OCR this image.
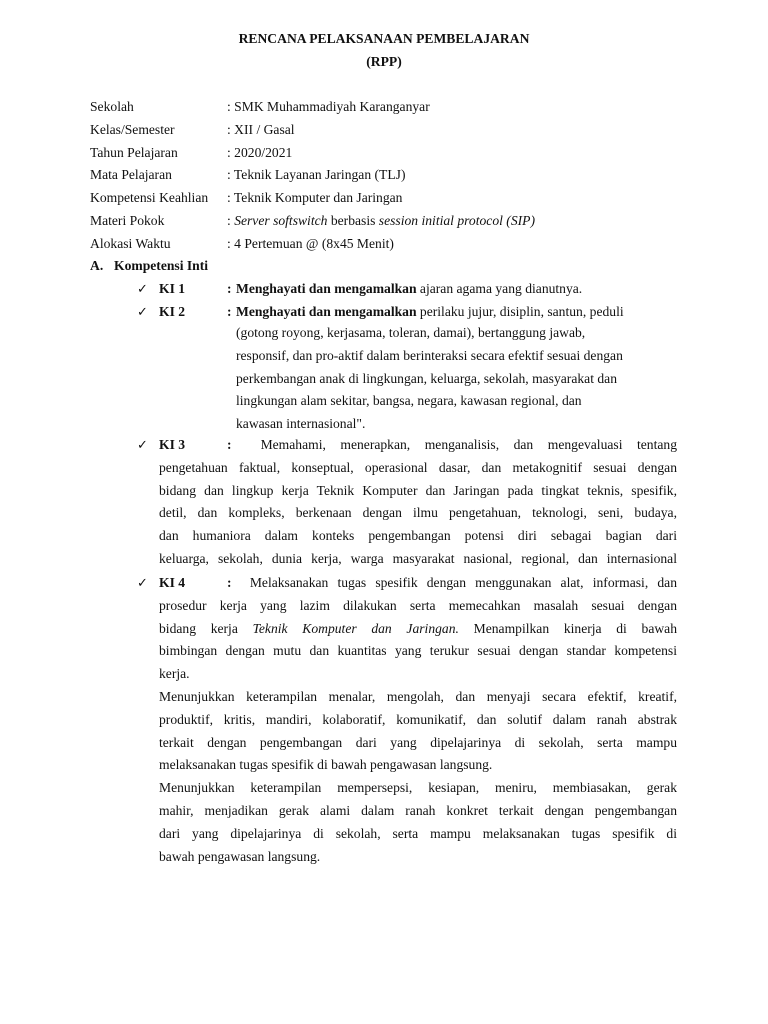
RENCANA PELAKSANAAN PEMBELAJARAN
(RPP)
Sekolah	: SMK Muhammadiyah Karanganyar
Kelas/Semester	: XII / Gasal
Tahun Pelajaran	: 2020/2021
Mata Pelajaran	: Teknik Layanan Jaringan (TLJ)
Kompetensi Keahlian : Teknik Komputer dan Jaringan
Materi Pokok	: Server softswitch berbasis session initial protocol (SIP)
Alokasi Waktu	: 4 Pertemuan @ (8x45 Menit)
A. Kompetensi Inti
✓ KI 1	: Menghayati dan mengamalkan ajaran agama yang dianutnya.
✓ KI 2	: Menghayati dan mengamalkan perilaku jujur, disiplin, santun, peduli
(gotong royong, kerjasama, toleran, damai), bertanggung jawab,
responsif, dan pro-aktif dalam berinteraksi secara efektif sesuai dengan
perkembangan anak di lingkungan, keluarga, sekolah, masyarakat dan
lingkungan alam sekitar, bangsa, negara, kawasan regional, dan
kawasan internasional".
✓ KI 3	: Memahami, menerapkan, menganalisis, dan mengevaluasi tentang
pengetahuan faktual, konseptual, operasional dasar, dan metakognitif sesuai dengan
bidang dan lingkup kerja Teknik Komputer dan Jaringan pada tingkat teknis, spesifik,
detil, dan kompleks, berkenaan dengan ilmu pengetahuan, teknologi, seni, budaya,
dan humaniora dalam konteks pengembangan potensi diri sebagai bagian dari
keluarga, sekolah, dunia kerja, warga masyarakat nasional, regional, dan internasional
✓ KI 4	: Melaksanakan tugas spesifik dengan menggunakan alat, informasi, dan
prosedur kerja yang lazim dilakukan serta memecahkan masalah sesuai dengan
bidang kerja Teknik Komputer dan Jaringan. Menampilkan kinerja di bawah
bimbingan dengan mutu dan kuantitas yang terukur sesuai dengan standar kompetensi
kerja.
Menunjukkan keterampilan menalar, mengolah, dan menyaji secara efektif, kreatif,
produktif, kritis, mandiri, kolaboratif, komunikatif, dan solutif dalam ranah abstrak
terkait dengan pengembangan dari yang dipelajarinya di sekolah, serta mampu
melaksanakan tugas spesifik di bawah pengawasan langsung.
Menunjukkan keterampilan mempersepsi, kesiapan, meniru, membiasakan, gerak
mahir, menjadikan gerak alami dalam ranah konkret terkait dengan pengembangan
dari yang dipelajarinya di sekolah, serta mampu melaksanakan tugas spesifik di
bawah pengawasan langsung.
